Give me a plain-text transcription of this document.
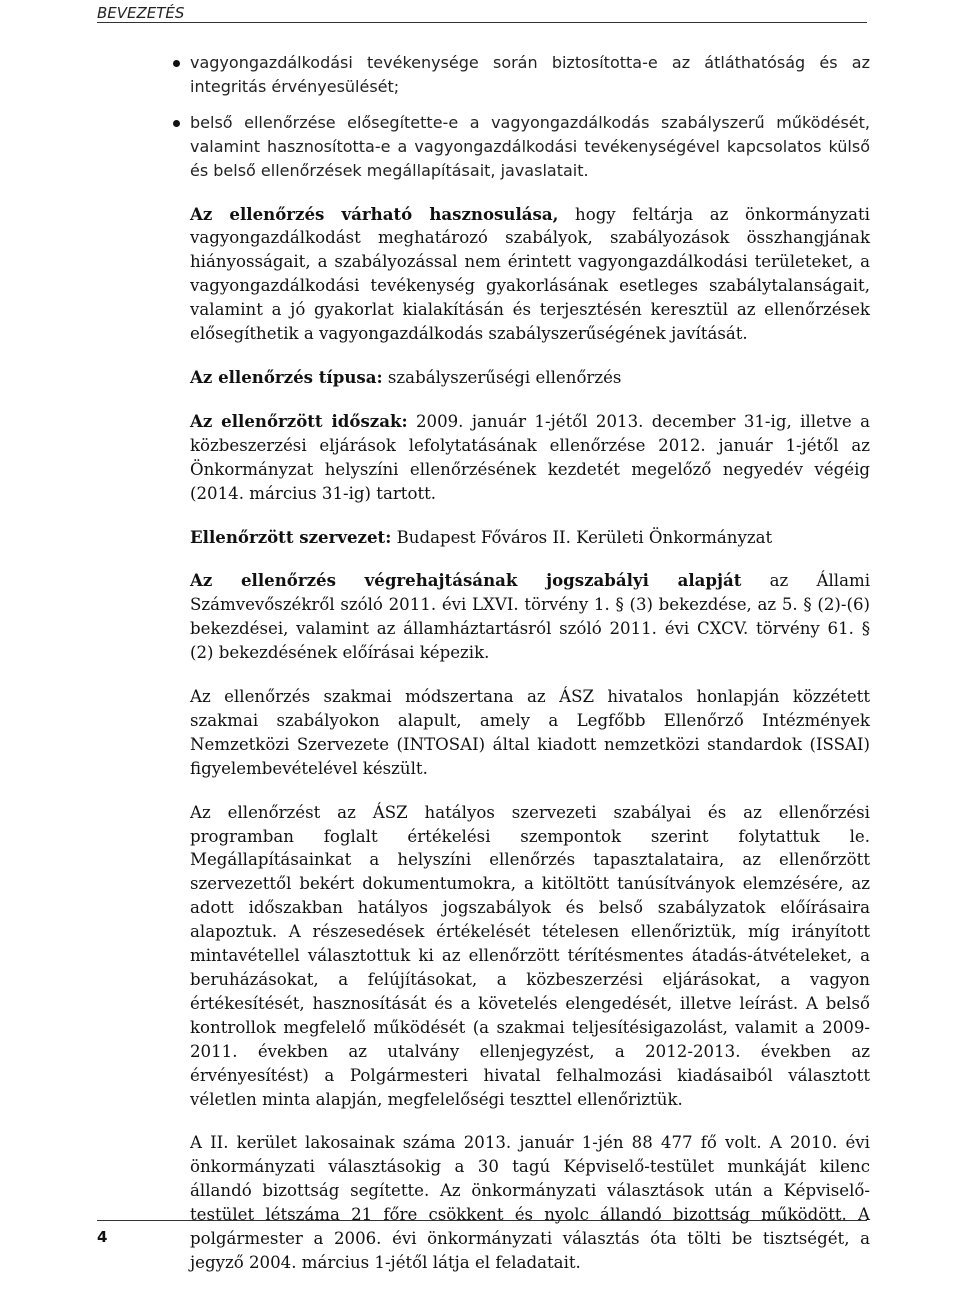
BEVEZETÉS
vagyongazdálkodási tevékenysége során biztosította-e az átláthatóság és az integritás érvényesülését;
belső ellenőrzése elősegítette-e a vagyongazdálkodás szabályszerű működését, valamint hasznosította-e a vagyongazdálkodási tevékenységével kapcsolatos külső és belső ellenőrzések megállapításait, javaslatait.

Az ellenőrzés várható hasznosulása, hogy feltárja az önkormányzati vagyongazdálkodást meghatározó szabályok, szabályozások összhangjának hiányosságait, a szabályozással nem érintett vagyongazdálkodási területeket, a vagyongazdálkodási tevékenység gyakorlásának esetleges szabálytalanságait, valamint a jó gyakorlat kialakításán és terjesztésén keresztül az ellenőrzések elősegíthetik a vagyongazdálkodás szabályszerűségének javítását.

Az ellenőrzés típusa: szabályszerűségi ellenőrzés

Az ellenőrzött időszak: 2009. január 1-jétől 2013. december 31-ig, illetve a közbeszerzési eljárások lefolytatásának ellenőrzése 2012. január 1-jétől az Önkormányzat helyszíni ellenőrzésének kezdetét megelőző negyedév végéig (2014. március 31-ig) tartott.

Ellenőrzött szervezet: Budapest Főváros II. Kerületi Önkormányzat

Az ellenőrzés végrehajtásának jogszabályi alapját az Állami Számvevőszékről szóló 2011. évi LXVI. törvény 1. § (3) bekezdése, az 5. § (2)-(6) bekezdései, valamint az államháztartásról szóló 2011. évi CXCV. törvény 61. § (2) bekezdésének előírásai képezik.

Az ellenőrzés szakmai módszertana az ÁSZ hivatalos honlapján közzétett szakmai szabályokon alapult, amely a Legfőbb Ellenőrző Intézmények Nemzetközi Szervezete (INTOSAI) által kiadott nemzetközi standardok (ISSAI) figyelembevételével készült.

Az ellenőrzést az ÁSZ hatályos szervezeti szabályai és az ellenőrzési programban foglalt értékelési szempontok szerint folytattuk le. Megállapításainkat a helyszíni ellenőrzés tapasztalataira, az ellenőrzött szervezettől bekért dokumentumokra, a kitöltött tanúsítványok elemzésére, az adott időszakban hatályos jogszabályok és belső szabályzatok előírásaira alapoztuk. A részesedések értékelését tételesen ellenőriztük, míg irányított mintavétellel választottuk ki az ellenőrzött térítésmentes átadás-átvételeket, a beruházásokat, a felújításokat, a közbeszerzési eljárásokat, a vagyon értékesítését, hasznosítását és a követelés elengedését, illetve leírást. A belső kontrollok megfelelő működését (a szakmai teljesítésigazolást, valamit a 2009-2011. években az utalvány ellenjegyzést, a 2012-2013. években az érvényesítést) a Polgármesteri hivatal felhalmozási kiadásaiból választott véletlen minta alapján, megfelelőségi teszttel ellenőriztük.

A II. kerület lakosainak száma 2013. január 1-jén 88 477 fő volt. A 2010. évi önkormányzati választásokig a 30 tagú Képviselő-testület munkáját kilenc állandó bizottság segítette. Az önkormányzati választások után a Képviselő-testület létszáma 21 főre csökkent és nyolc állandó bizottság működött. A polgármester a 2006. évi önkormányzati választás óta tölti be tisztségét, a jegyző 2004. március 1-jétől látja el feladatait.

4
